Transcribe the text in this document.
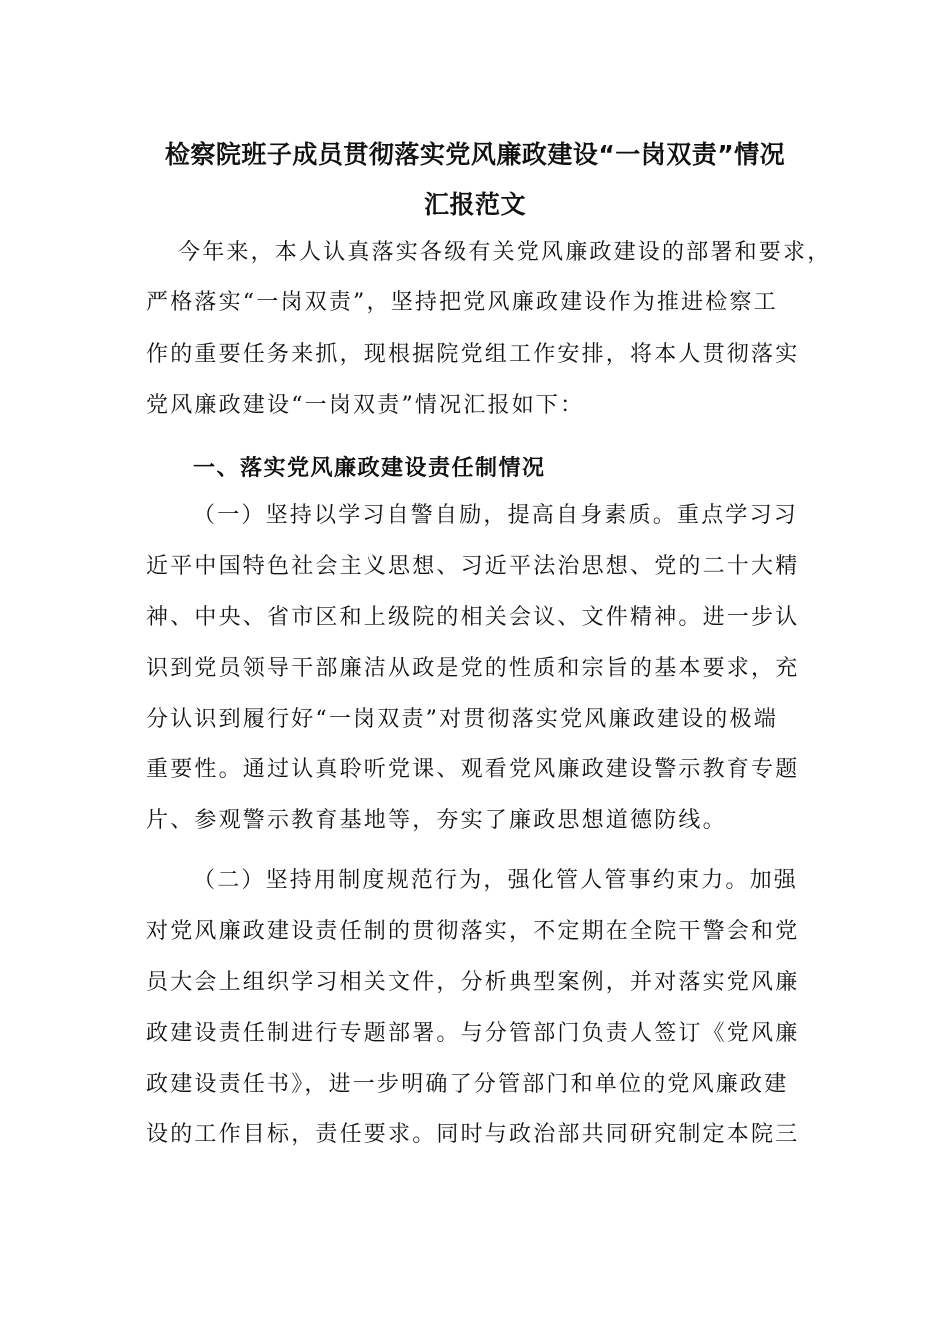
检察院班子成员贯彻落实党风廉政建设“一岗双责”情况
汇报范文
今年来，本人认真落实各级有关党风廉政建设的部署和要求，
严格落实“一岗双责”，坚持把党风廉政建设作为推进检察工
作的重要任务来抓，现根据院党组工作安排，将本人贯彻落实
党风廉政建设“一岗双责”情况汇报如下：
一、落实党风廉政建设责任制情况
（一）坚持以学习自警自励，提高自身素质。重点学习习
近平中国特色社会主义思想、习近平法治思想、党的二十大精
神、中央、省市区和上级院的相关会议、文件精神。进一步认
识到党员领导干部廉洁从政是党的性质和宗旨的基本要求，充
分认识到履行好“一岗双责”对贯彻落实党风廉政建设的极端
重要性。通过认真聆听党课、观看党风廉政建设警示教育专题
片、参观警示教育基地等，夯实了廉政思想道德防线。
（二）坚持用制度规范行为，强化管人管事约束力。加强
对党风廉政建设责任制的贯彻落实，不定期在全院干警会和党
员大会上组织学习相关文件，分析典型案例，并对落实党风廉
政建设责任制进行专题部署。与分管部门负责人签订《党风廉
政建设责任书》，进一步明确了分管部门和单位的党风廉政建
设的工作目标，责任要求。同时与政治部共同研究制定本院三
